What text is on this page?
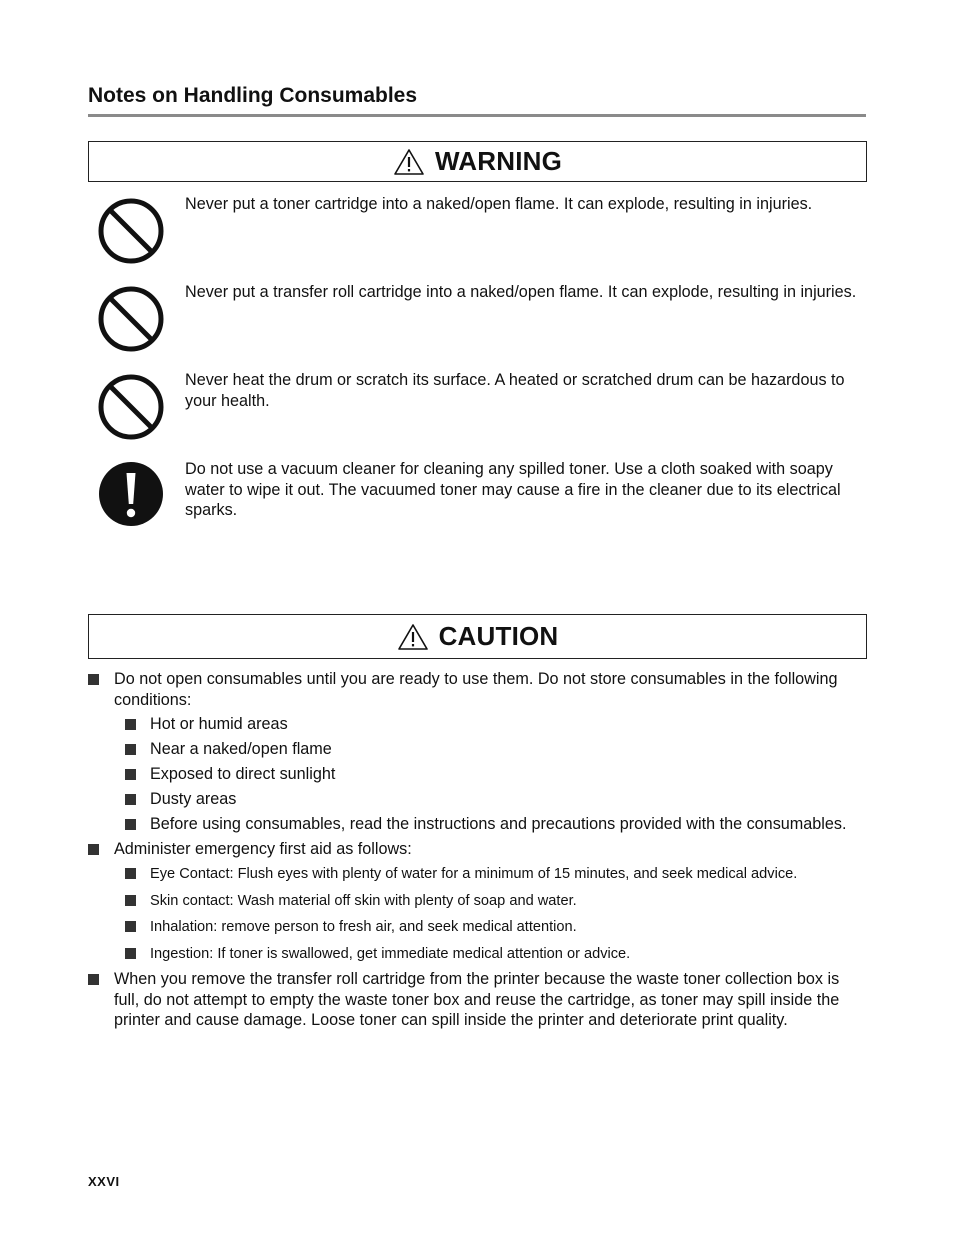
Notes on Handling Consumables
WARNING
Never put a toner cartridge into a naked/open flame. It can explode, resulting in injuries.
Never put a transfer roll cartridge into a naked/open flame. It can explode, resulting in injuries.
Never heat the drum or scratch its surface. A heated or scratched drum can be hazardous to your health.
Do not use a vacuum cleaner for cleaning any spilled toner. Use a cloth soaked with soapy water to wipe it out. The vacuumed toner may cause a fire in the cleaner due to its electrical sparks.
CAUTION
Do not open consumables until you are ready to use them. Do not store consumables in the following conditions:
Hot or humid areas
Near a naked/open flame
Exposed to direct sunlight
Dusty areas
Before using consumables, read the instructions and precautions provided with the consumables.
Administer emergency first aid as follows:
Eye Contact: Flush eyes with plenty of water for a minimum of 15 minutes, and seek medical advice.
Skin contact: Wash material off skin with plenty of soap and water.
Inhalation: remove person to fresh air, and seek medical attention.
Ingestion: If toner is swallowed, get immediate medical attention or advice.
When you remove the transfer roll cartridge from the printer because the waste toner collection box is full, do not attempt to empty the waste toner box and reuse the cartridge, as toner may spill inside the printer and cause damage. Loose toner can spill inside the printer and deteriorate print quality.
XXVI
